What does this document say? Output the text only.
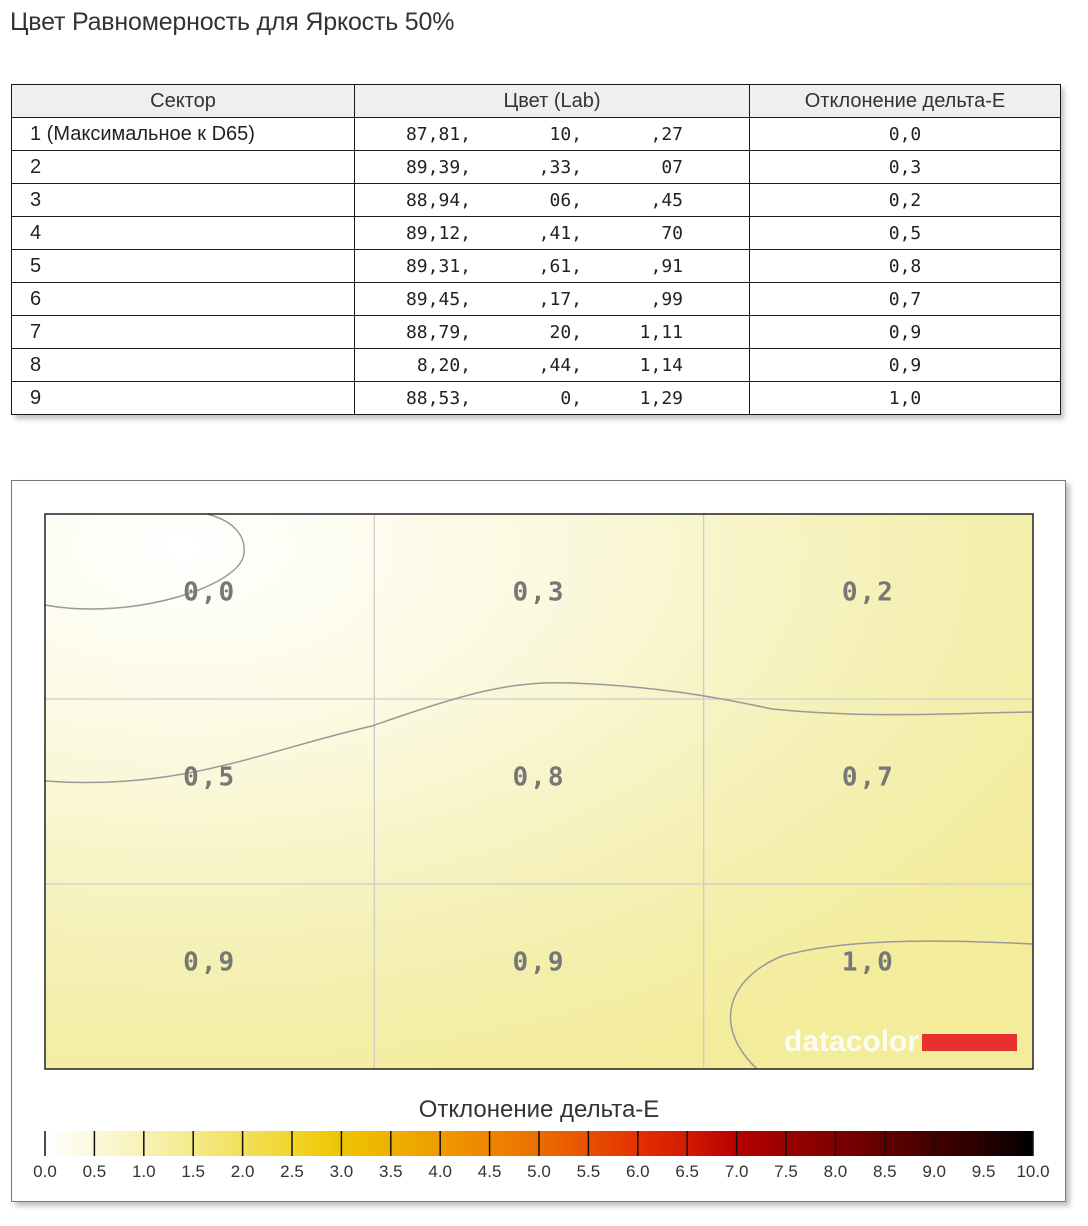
Цвет Равномерность для Яркость 50%
Сектор	Цвет (Lab)	Отклонение дельта-E
1 (Максимальное к D65)	87,81, 10, ,27	0,0
2	89,39, ,33, 07	0,3
3	88,94, 06, ,45	0,2
4	89,12, ,41, 70	0,5
5	89,31, ,61, ,91	0,8
6	89,45, ,17, ,99	0,7
7	88,79, 20, 1,11	0,9
8	8,20, ,44, 1,14	0,9
9	88,53, 0, 1,29	1,0
0,0	0,3	0,2
0,5	0,8	0,7
0,9	0,9	1,0
datacolor
Отклонение дельта-E
0.0 0.5 1.0 1.5 2.0 2.5 3.0 3.5 4.0 4.5 5.0 5.5 6.0 6.5 7.0 7.5 8.0 8.5 9.0 9.5 10.0
